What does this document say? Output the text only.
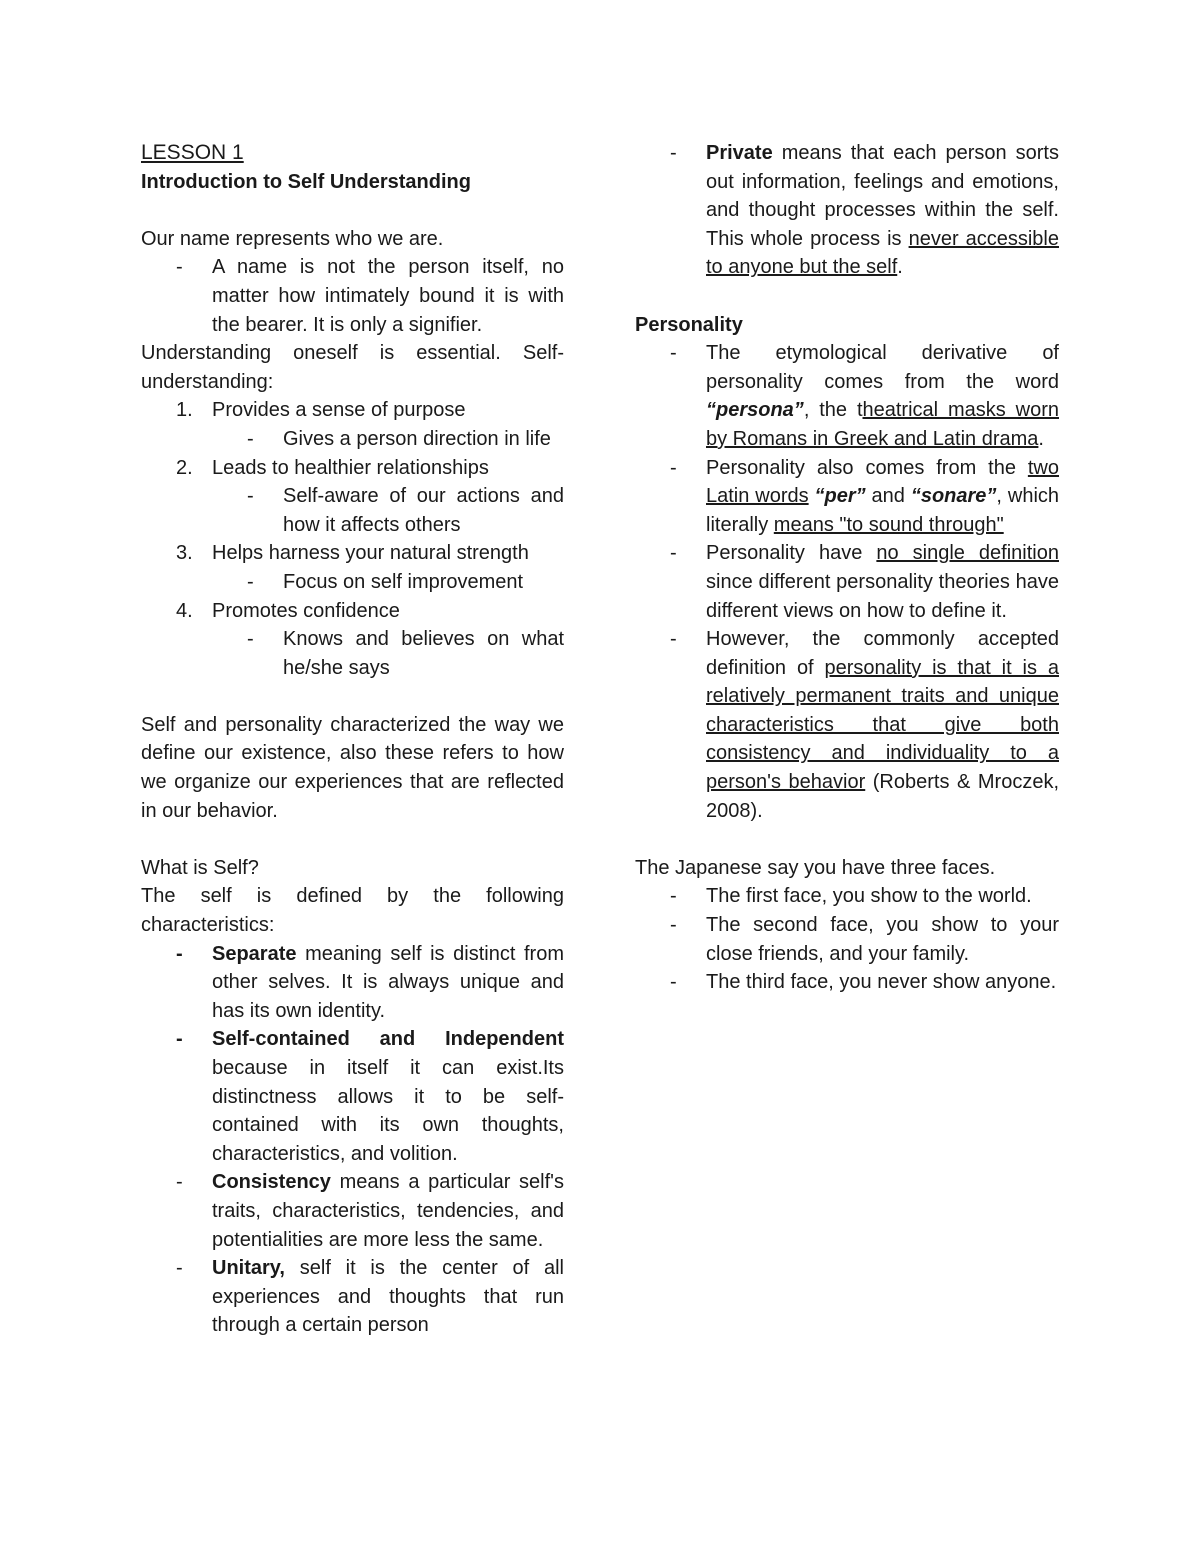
LESSON 1

Introduction to Self Understanding

Our name represents who we are.

- A name is not the person itself, no matter how intimately bound it is with the bearer. It is only a signifier.

Understanding oneself is essential. Self-understanding:

1. Provides a sense of purpose
- Gives a person direction in life
2. Leads to healthier relationships
- Self-aware of our actions and how it affects others
3. Helps harness your natural strength
- Focus on self improvement
4. Promotes confidence
- Knows and believes on what he/she says

Self and personality characterized the way we define our existence, also these refers to how we organize our experiences that are reflected in our behavior.

What is Self?

The self is defined by the following characteristics:

- Separate meaning self is distinct from other selves. It is always unique and has its own identity.
- Self-contained and Independent because in itself it can exist.Its distinctness allows it to be self-contained with its own thoughts, characteristics, and volition.
- Consistency means a particular self's traits, characteristics, tendencies, and potentialities are more less the same.
- Unitary, self it is the center of all experiences and thoughts that run through a certain person
- Private means that each person sorts out information, feelings and emotions, and thought processes within the self. This whole process is never accessible to anyone but the self.

Personality

- The etymological derivative of personality comes from the word “persona”, the theatrical masks worn by Romans in Greek and Latin drama.
- Personality also comes from the two Latin words “per” and “sonare”, which literally means "to sound through"
- Personality have no single definition since different personality theories have different views on how to define it.
- However, the commonly accepted definition of personality is that it is a relatively permanent traits and unique characteristics that give both consistency and individuality to a person's behavior (Roberts & Mroczek, 2008).

The Japanese say you have three faces.

- The first face, you show to the world.
- The second face, you show to your close friends, and your family.
- The third face, you never show anyone.
